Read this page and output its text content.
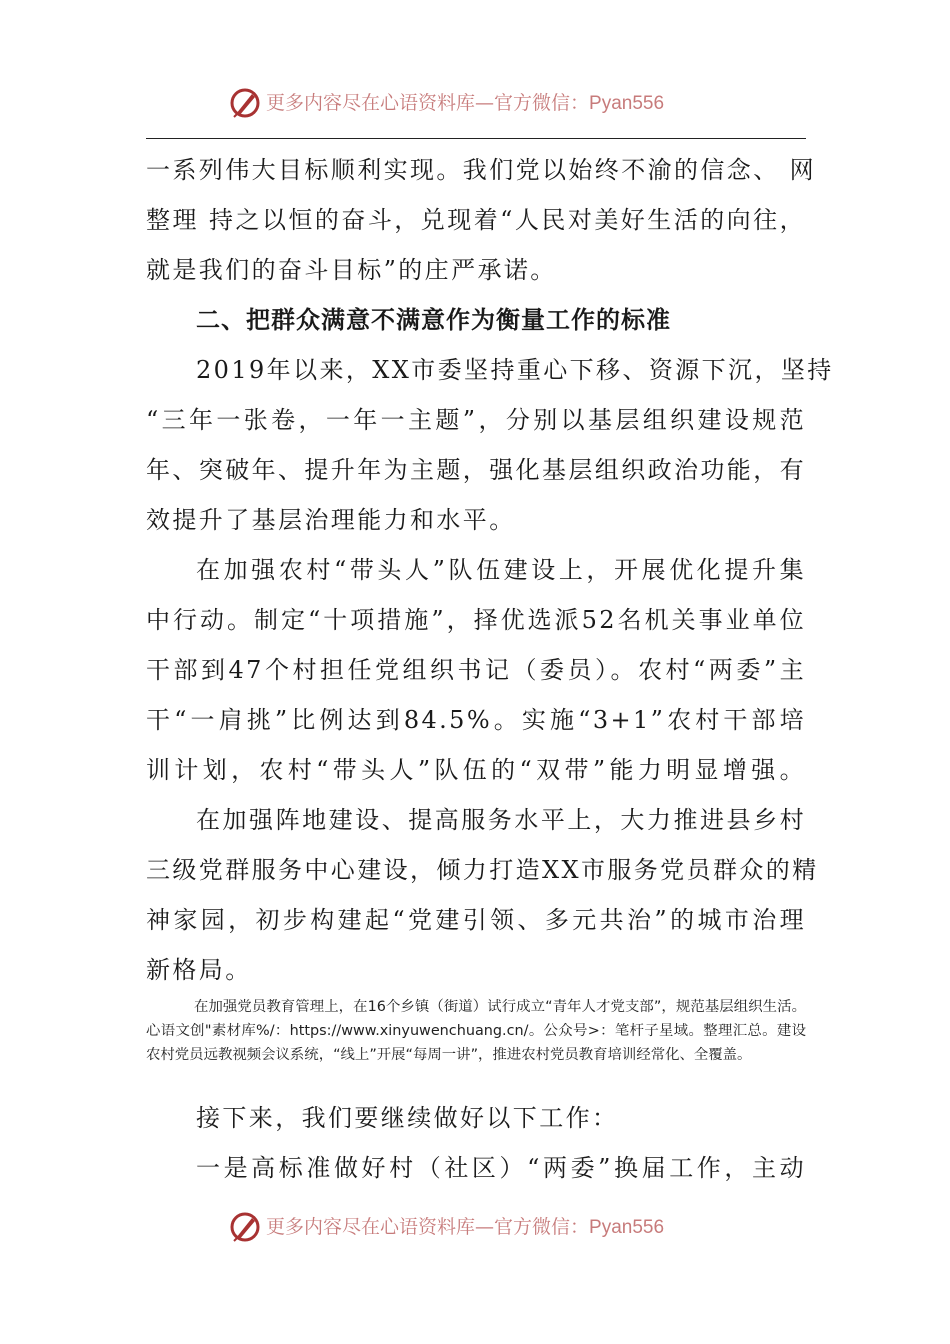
更多内容尽在心语资料库—官方微信：Pyan556
一系列伟大目标顺利实现。我们党以始终不渝的信念、 网
整理 持之以恒的奋斗，兑现着“人民对美好生活的向往，
就是我们的奋斗目标”的庄严承诺。
二、把群众满意不满意作为衡量工作的标准
2019年以来，XX市委坚持重心下移、资源下沉，坚持
“三年一张卷，一年一主题”，分别以基层组织建设规范
年、突破年、提升年为主题，强化基层组织政治功能，有
效提升了基层治理能力和水平。
在加强农村“带头人”队伍建设上，开展优化提升集
中行动。制定“十项措施”，择优选派52名机关事业单位
干部到47个村担任党组织书记（委员）。农村“两委”主
干“一肩挑”比例达到84.5%。实施“3+1”农村干部培
训计划，农村“带头人”队伍的“双带”能力明显增强。
在加强阵地建设、提高服务水平上，大力推进县乡村
三级党群服务中心建设，倾力打造XX市服务党员群众的精
神家园，初步构建起“党建引领、多元共治”的城市治理
新格局。
在加强党员教育管理上，在16个乡镇（街道）试行成立“青年人才党支部”，规范基层组织生活。心语文创"素材库%/：https://www.xinyuwenchuang.cn/。公众号>：笔杆子星域。整理汇总。建设农村党员远教视频会议系统，“线上”开展“每周一讲”，推进农村党员教育培训经常化、全覆盖。
接下来，我们要继续做好以下工作：
一是高标准做好村（社区）“两委”换届工作，主动
更多内容尽在心语资料库—官方微信：Pyan556
